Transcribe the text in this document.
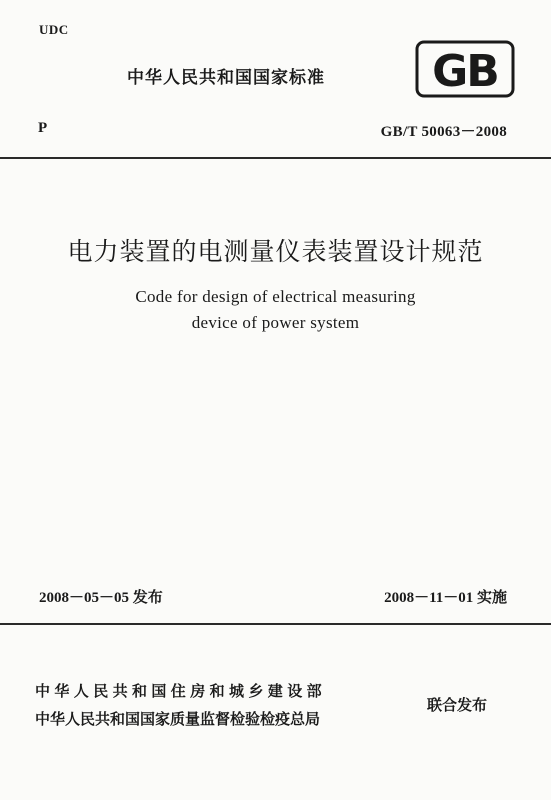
UDC
中华人民共和国国家标准 GB
P	GB/T 50063－2008
电力装置的电测量仪表装置设计规范
Code for design of electrical measuring
device of power system
2008－05－05 发布	2008－11－01 实施
中华人民共和国住房和城乡建设部
中华人民共和国国家质量监督检验检疫总局
联合发布
